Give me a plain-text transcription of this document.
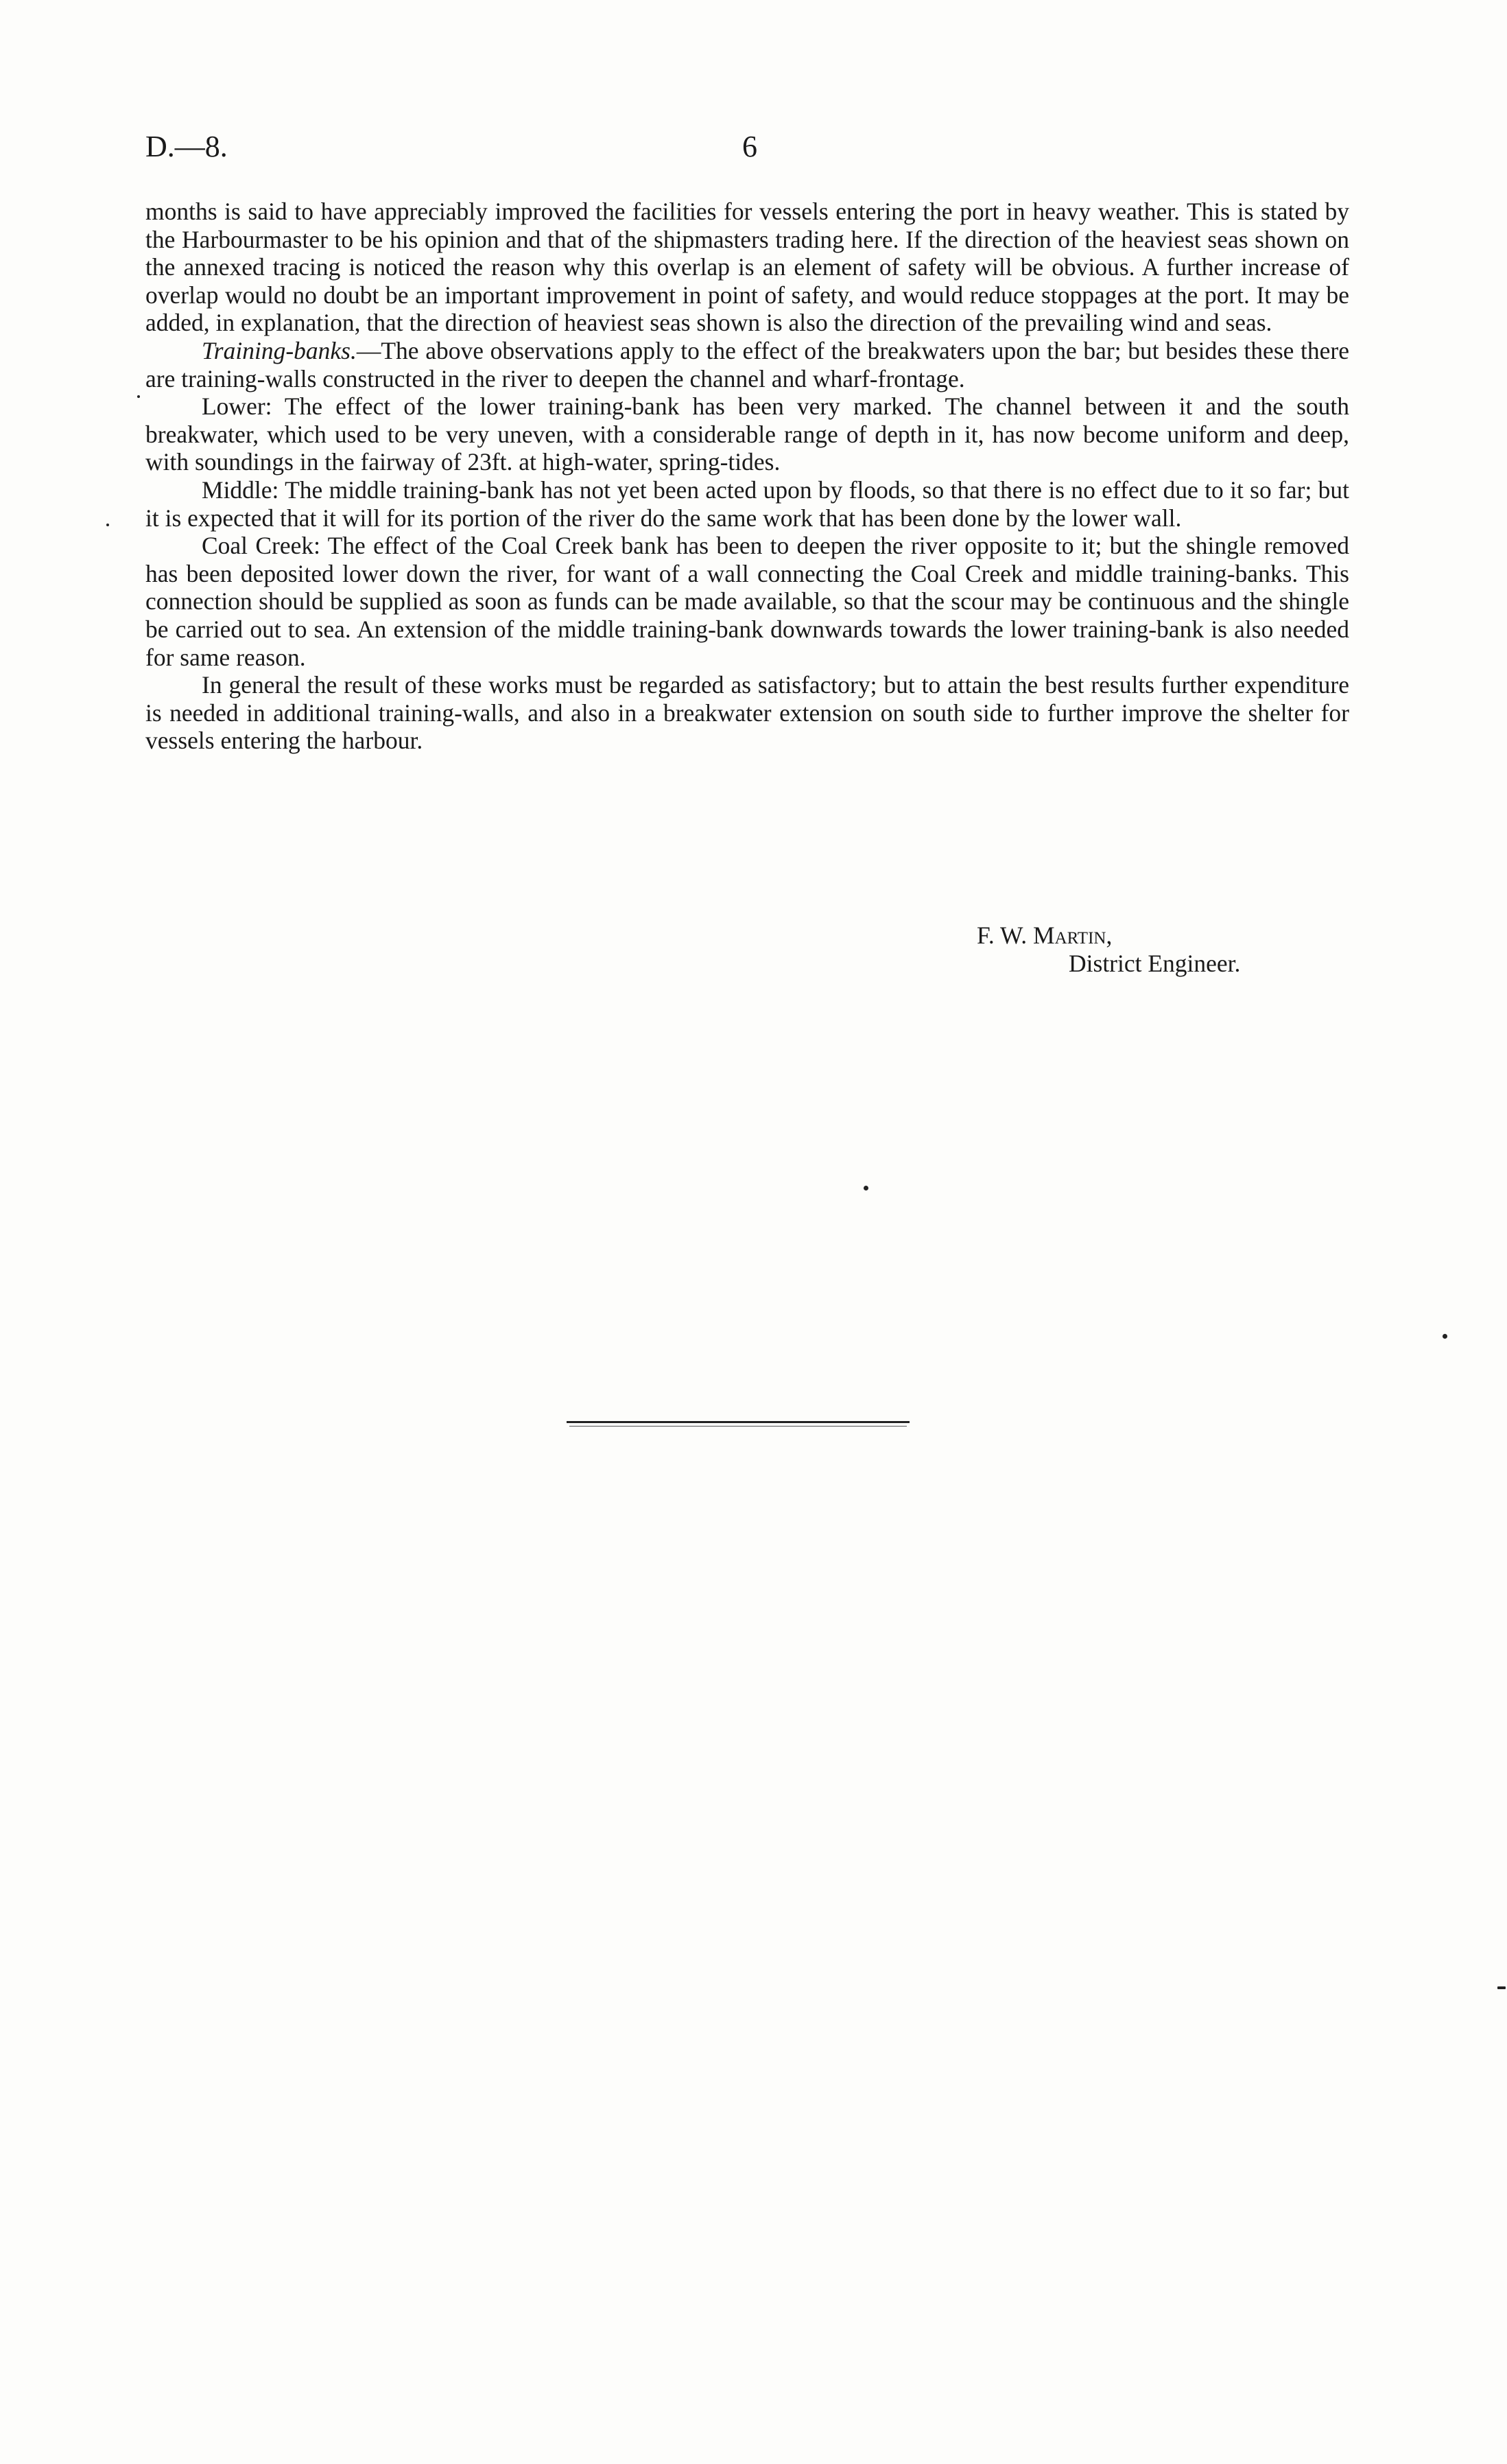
D.—8.	6

months is said to have appreciably improved the facilities for vessels entering the port in heavy weather. This is stated by the Harbourmaster to be his opinion and that of the shipmasters trading here. If the direction of the heaviest seas shown on the annexed tracing is noticed the reason why this overlap is an element of safety will be obvious. A further increase of overlap would no doubt be an important improvement in point of safety, and would reduce stoppages at the port. It may be added, in explanation, that the direction of heaviest seas shown is also the direction of the prevailing wind and seas.

Training-banks.—The above observations apply to the effect of the breakwaters upon the bar; but besides these there are training-walls constructed in the river to deepen the channel and wharf-frontage.

Lower: The effect of the lower training-bank has been very marked. The channel between it and the south breakwater, which used to be very uneven, with a considerable range of depth in it, has now become uniform and deep, with soundings in the fairway of 23ft. at high-water, spring-tides.

Middle: The middle training-bank has not yet been acted upon by floods, so that there is no effect due to it so far; but it is expected that it will for its portion of the river do the same work that has been done by the lower wall.

Coal Creek: The effect of the Coal Creek bank has been to deepen the river opposite to it; but the shingle removed has been deposited lower down the river, for want of a wall connecting the Coal Creek and middle training-banks. This connection should be supplied as soon as funds can be made available, so that the scour may be continuous and the shingle be carried out to sea. An extension of the middle training-bank downwards towards the lower training-bank is also needed for same reason.

In general the result of these works must be regarded as satisfactory; but to attain the best results further expenditure is needed in additional training-walls, and also in a breakwater extension on south side to further improve the shelter for vessels entering the harbour.

F. W. Martin,
District Engineer.
